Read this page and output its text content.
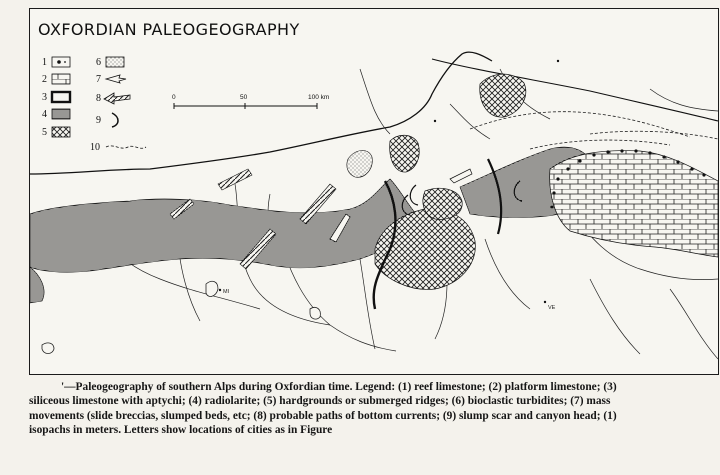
MI
VE
OXFORDIAN PALEOGEOGRAPHY
1
2
3
4
5
6
7
8
9
10
0	50	100 km
'—Paleogeography of southern Alps during Oxfordian time. Legend: (1) reef limestone; (2) platform limestone; (3)
siliceous limestone with aptychi; (4) radiolarite; (5) hardgrounds or submerged ridges; (6) bioclastic turbidites; (7) mass
movements (slide breccias, slumped beds, etc; (8) probable paths of bottom currents; (9) slump scar and canyon head; (1)
isopachs in meters. Letters show locations of cities as in Figure
